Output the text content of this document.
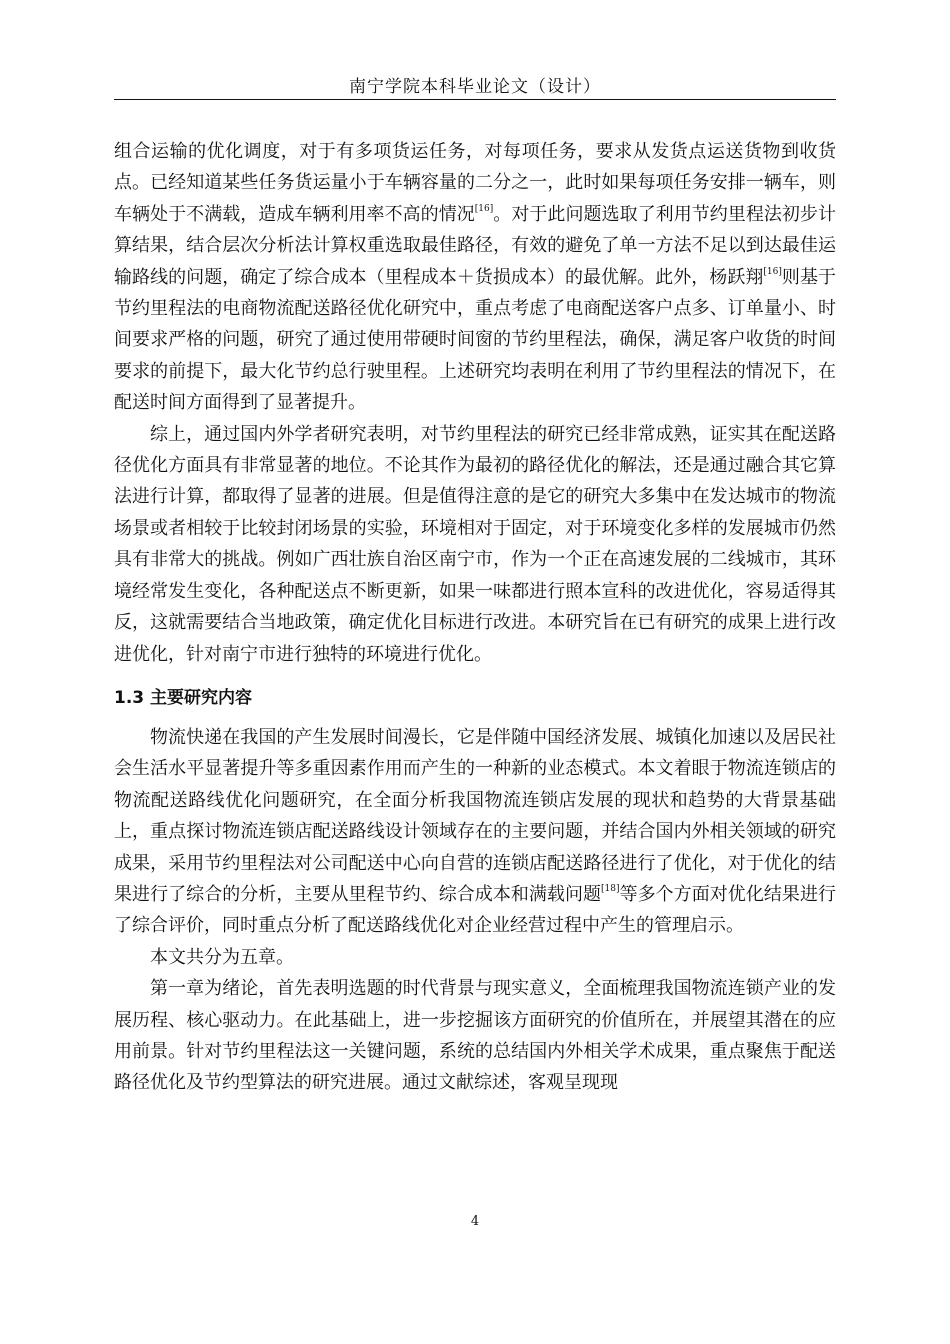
南宁学院本科毕业论文（设计）

组合运输的优化调度，对于有多项货运任务，对每项任务，要求从发货点运送货物到收货点。已经知道某些任务货运量小于车辆容量的二分之一，此时如果每项任务安排一辆车，则车辆处于不满载，造成车辆利用率不高的情况[16]。对于此问题选取了利用节约里程法初步计算结果，结合层次分析法计算权重选取最佳路径，有效的避免了单一方法不足以到达最佳运输路线的问题，确定了综合成本（里程成本＋货损成本）的最优解。此外，杨跃翔[16]则基于节约里程法的电商物流配送路径优化研究中，重点考虑了电商配送客户点多、订单量小、时间要求严格的问题，研究了通过使用带硬时间窗的节约里程法，确保，满足客户收货的时间要求的前提下，最大化节约总行驶里程。上述研究均表明在利用了节约里程法的情况下，在配送时间方面得到了显著提升。

综上，通过国内外学者研究表明，对节约里程法的研究已经非常成熟，证实其在配送路径优化方面具有非常显著的地位。不论其作为最初的路径优化的解法，还是通过融合其它算法进行计算，都取得了显著的进展。但是值得注意的是它的研究大多集中在发达城市的物流场景或者相较于比较封闭场景的实验，环境相对于固定，对于环境变化多样的发展城市仍然具有非常大的挑战。例如广西壮族自治区南宁市，作为一个正在高速发展的二线城市，其环境经常发生变化，各种配送点不断更新，如果一味都进行照本宣科的改进优化，容易适得其反，这就需要结合当地政策，确定优化目标进行改进。本研究旨在已有研究的成果上进行改进优化，针对南宁市进行独特的环境进行优化。

1.3 主要研究内容

物流快递在我国的产生发展时间漫长，它是伴随中国经济发展、城镇化加速以及居民社会生活水平显著提升等多重因素作用而产生的一种新的业态模式。本文着眼于物流连锁店的物流配送路线优化问题研究，在全面分析我国物流连锁店发展的现状和趋势的大背景基础上，重点探讨物流连锁店配送路线设计领域存在的主要问题，并结合国内外相关领域的研究成果，采用节约里程法对公司配送中心向自营的连锁店配送路径进行了优化，对于优化的结果进行了综合的分析，主要从里程节约、综合成本和满载问题[18]等多个方面对优化结果进行了综合评价，同时重点分析了配送路线优化对企业经营过程中产生的管理启示。

本文共分为五章。

第一章为绪论，首先表明选题的时代背景与现实意义，全面梳理我国物流连锁产业的发展历程、核心驱动力。在此基础上，进一步挖掘该方面研究的价值所在，并展望其潜在的应用前景。针对节约里程法这一关键问题，系统的总结国内外相关学术成果，重点聚焦于配送路径优化及节约型算法的研究进展。通过文献综述，客观呈现现

4
